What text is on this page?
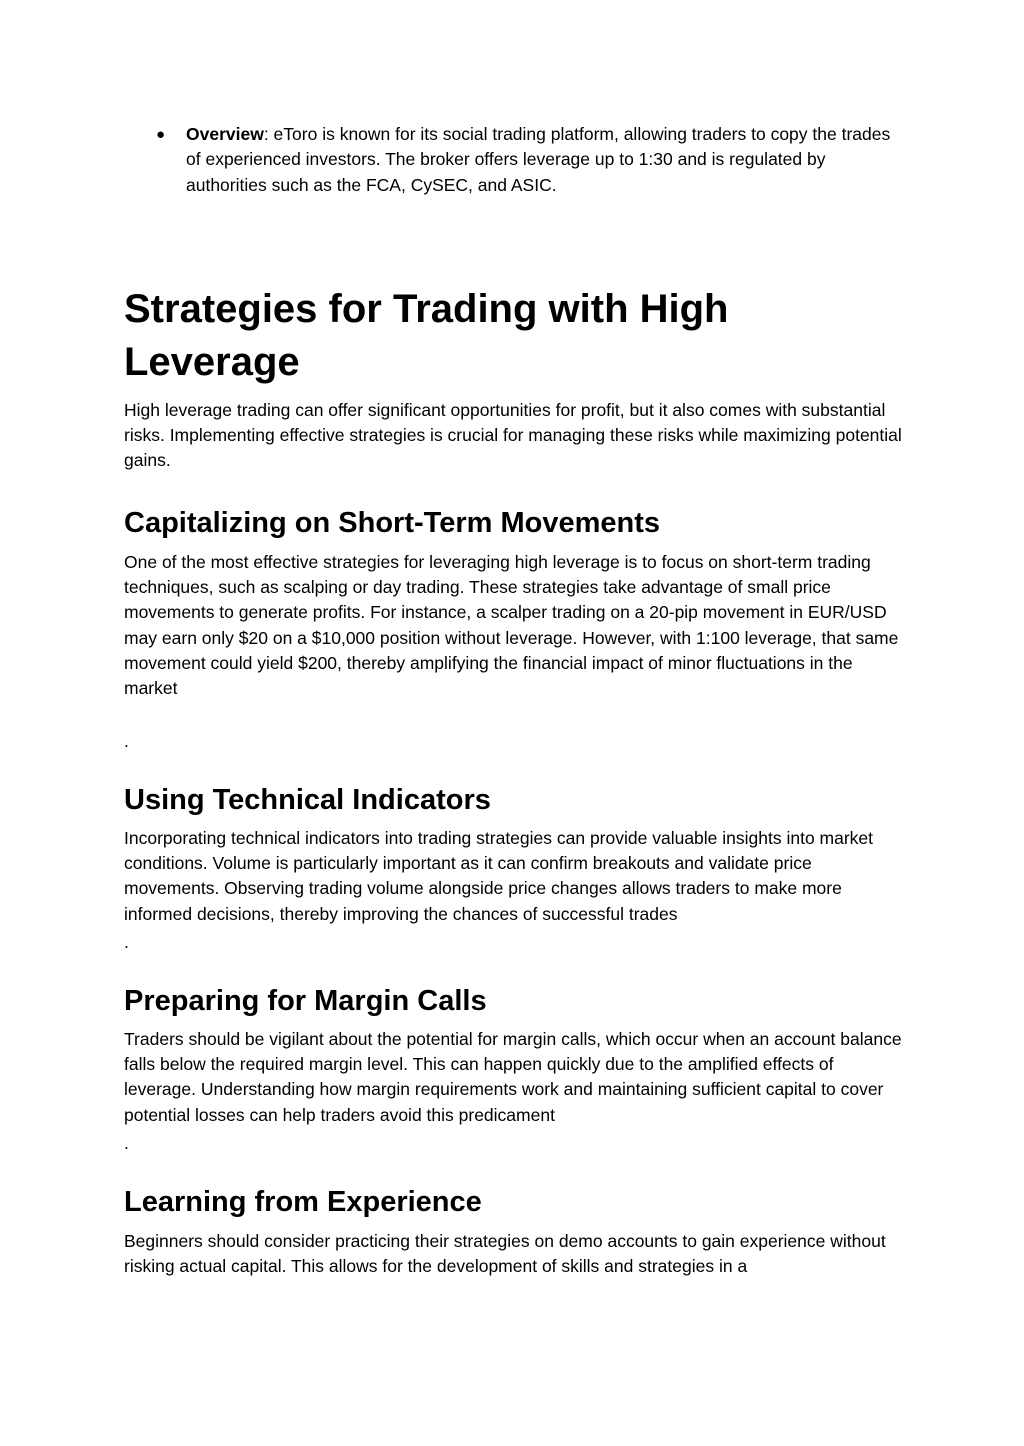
● Overview: eToro is known for its social trading platform, allowing traders to copy the trades of experienced investors. The broker offers leverage up to 1:30 and is regulated by authorities such as the FCA, CySEC, and ASIC.
Strategies for Trading with High Leverage

High leverage trading can offer significant opportunities for profit, but it also comes with substantial risks. Implementing effective strategies is crucial for managing these risks while maximizing potential gains.

Capitalizing on Short-Term Movements

One of the most effective strategies for leveraging high leverage is to focus on short-term trading techniques, such as scalping or day trading. These strategies take advantage of small price movements to generate profits. For instance, a scalper trading on a 20-pip movement in EUR/USD may earn only $20 on a $10,000 position without leverage. However, with 1:100 leverage, that same movement could yield $200, thereby amplifying the financial impact of minor fluctuations in the market

.
Using Technical Indicators

Incorporating technical indicators into trading strategies can provide valuable insights into market conditions. Volume is particularly important as it can confirm breakouts and validate price movements. Observing trading volume alongside price changes allows traders to make more informed decisions, thereby improving the chances of successful trades

.
Preparing for Margin Calls

Traders should be vigilant about the potential for margin calls, which occur when an account balance falls below the required margin level. This can happen quickly due to the amplified effects of leverage. Understanding how margin requirements work and maintaining sufficient capital to cover potential losses can help traders avoid this predicament

.
Learning from Experience

Beginners should consider practicing their strategies on demo accounts to gain experience without risking actual capital. This allows for the development of skills and strategies in a
